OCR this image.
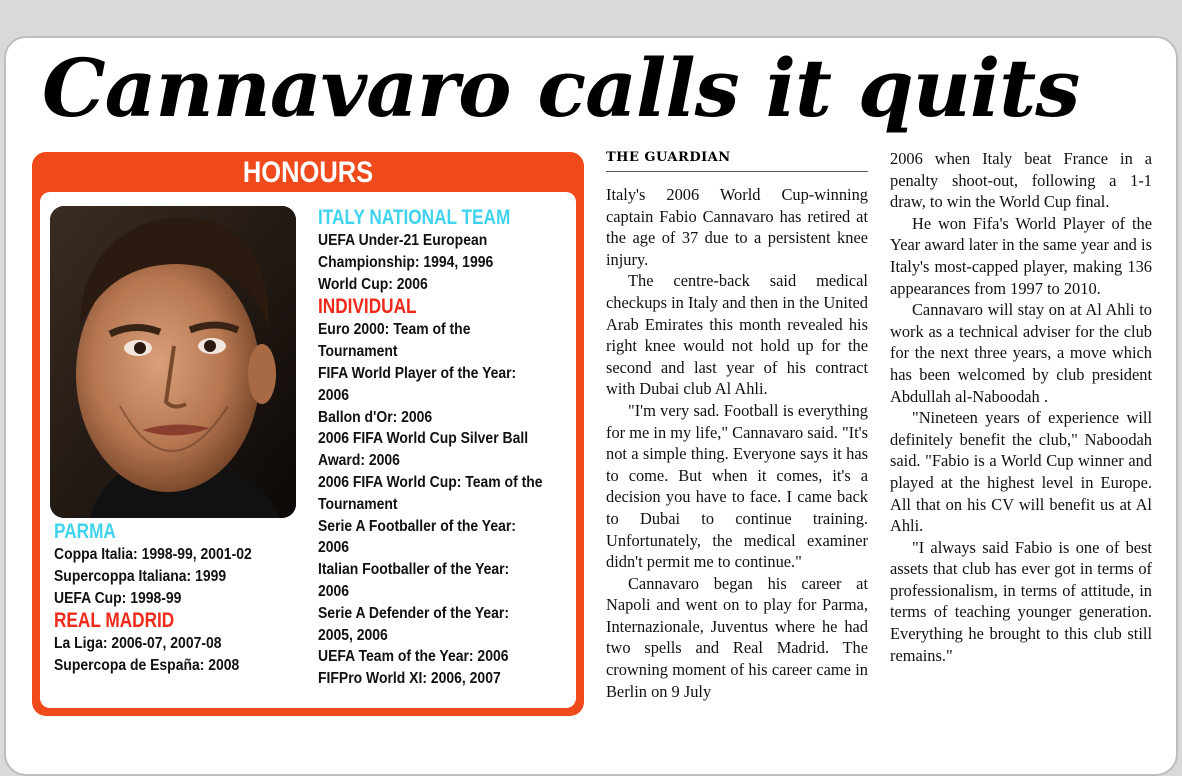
Cannavaro calls it quits
HONOURS
PARMA
Coppa Italia: 1998-99, 2001-02
Supercoppa Italiana: 1999
UEFA Cup: 1998-99
REAL MADRID
La Liga: 2006-07, 2007-08
Supercopa de España: 2008
ITALY NATIONAL TEAM
UEFA Under-21 European
Championship: 1994, 1996
World Cup: 2006
INDIVIDUAL
Euro 2000: Team of the
Tournament
FIFA World Player of the Year:
2006
Ballon d'Or: 2006
2006 FIFA World Cup Silver Ball
Award: 2006
2006 FIFA World Cup: Team of the
Tournament
Serie A Footballer of the Year:
2006
Italian Footballer of the Year:
2006
Serie A Defender of the Year:
2005, 2006
UEFA Team of the Year: 2006
FIFPro World XI: 2006, 2007
THE GUARDIAN

Italy's 2006 World Cup-winning captain Fabio Cannavaro has retired at the age of 37 due to a persistent knee injury.

The centre-back said medical checkups in Italy and then in the United Arab Emirates this month revealed his right knee would not hold up for the second and last year of his contract with Dubai club Al Ahli.

"I'm very sad. Football is everything for me in my life," Cannavaro said. "It's not a simple thing. Everyone says it has to come. But when it comes, it's a decision you have to face. I came back to Dubai to continue training. Unfortunately, the medical examiner didn't permit me to continue."

Cannavaro began his career at Napoli and went on to play for Parma, Internazionale, Juventus where he had two spells and Real Madrid. The crowning moment of his career came in Berlin on 9 July

2006 when Italy beat France in a penalty shoot-out, following a 1-1 draw, to win the World Cup final.

He won Fifa's World Player of the Year award later in the same year and is Italy's most-capped player, making 136 appearances from 1997 to 2010.

Cannavaro will stay on at Al Ahli to work as a technical adviser for the club for the next three years, a move which has been welcomed by club president Abdullah al-Naboodah .

"Nineteen years of experience will definitely benefit the club," Naboodah said. "Fabio is a World Cup winner and played at the highest level in Europe. All that on his CV will benefit us at Al Ahli.

"I always said Fabio is one of best assets that club has ever got in terms of professionalism, in terms of attitude, in terms of teaching younger generation. Everything he brought to this club still remains."
